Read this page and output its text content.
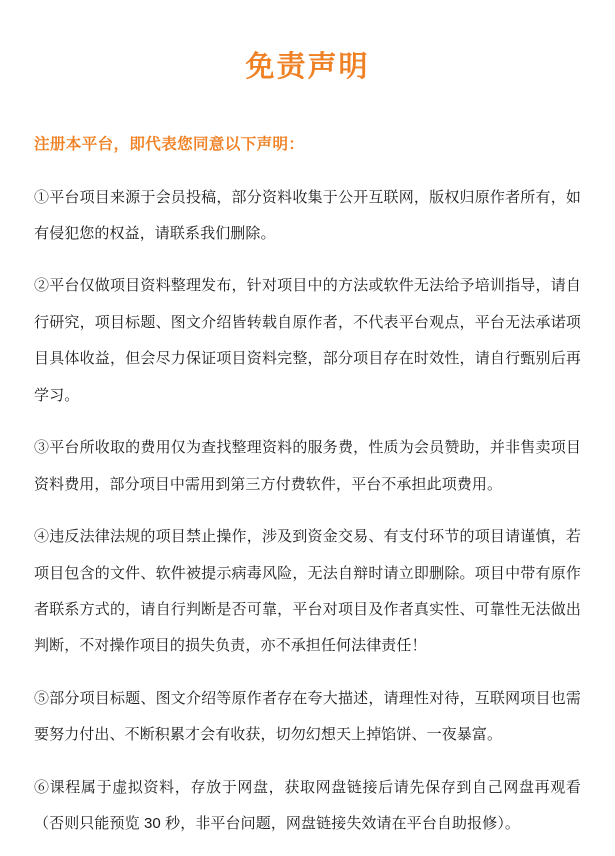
免责声明

注册本平台，即代表您同意以下声明：

①平台项目来源于会员投稿，部分资料收集于公开互联网，版权归原作者所有，如有侵犯您的权益，请联系我们删除。
②平台仅做项目资料整理发布，针对项目中的方法或软件无法给予培训指导，请自行研究，项目标题、图文介绍皆转载自原作者，不代表平台观点，平台无法承诺项目具体收益，但会尽力保证项目资料完整，部分项目存在时效性，请自行甄别后再学习。
③平台所收取的费用仅为查找整理资料的服务费，性质为会员赞助，并非售卖项目资料费用，部分项目中需用到第三方付费软件，平台不承担此项费用。
④违反法律法规的项目禁止操作，涉及到资金交易、有支付环节的项目请谨慎，若项目包含的文件、软件被提示病毒风险，无法自辩时请立即删除。项目中带有原作者联系方式的，请自行判断是否可靠，平台对项目及作者真实性、可靠性无法做出判断，不对操作项目的损失负责，亦不承担任何法律责任！
⑤部分项目标题、图文介绍等原作者存在夸大描述，请理性对待，互联网项目也需要努力付出、不断积累才会有收获，切勿幻想天上掉馅饼、一夜暴富。
⑥课程属于虚拟资料，存放于网盘，获取网盘链接后请先保存到自己网盘再观看（否则只能预览 30 秒，非平台问题，网盘链接失效请在平台自助报修）。
